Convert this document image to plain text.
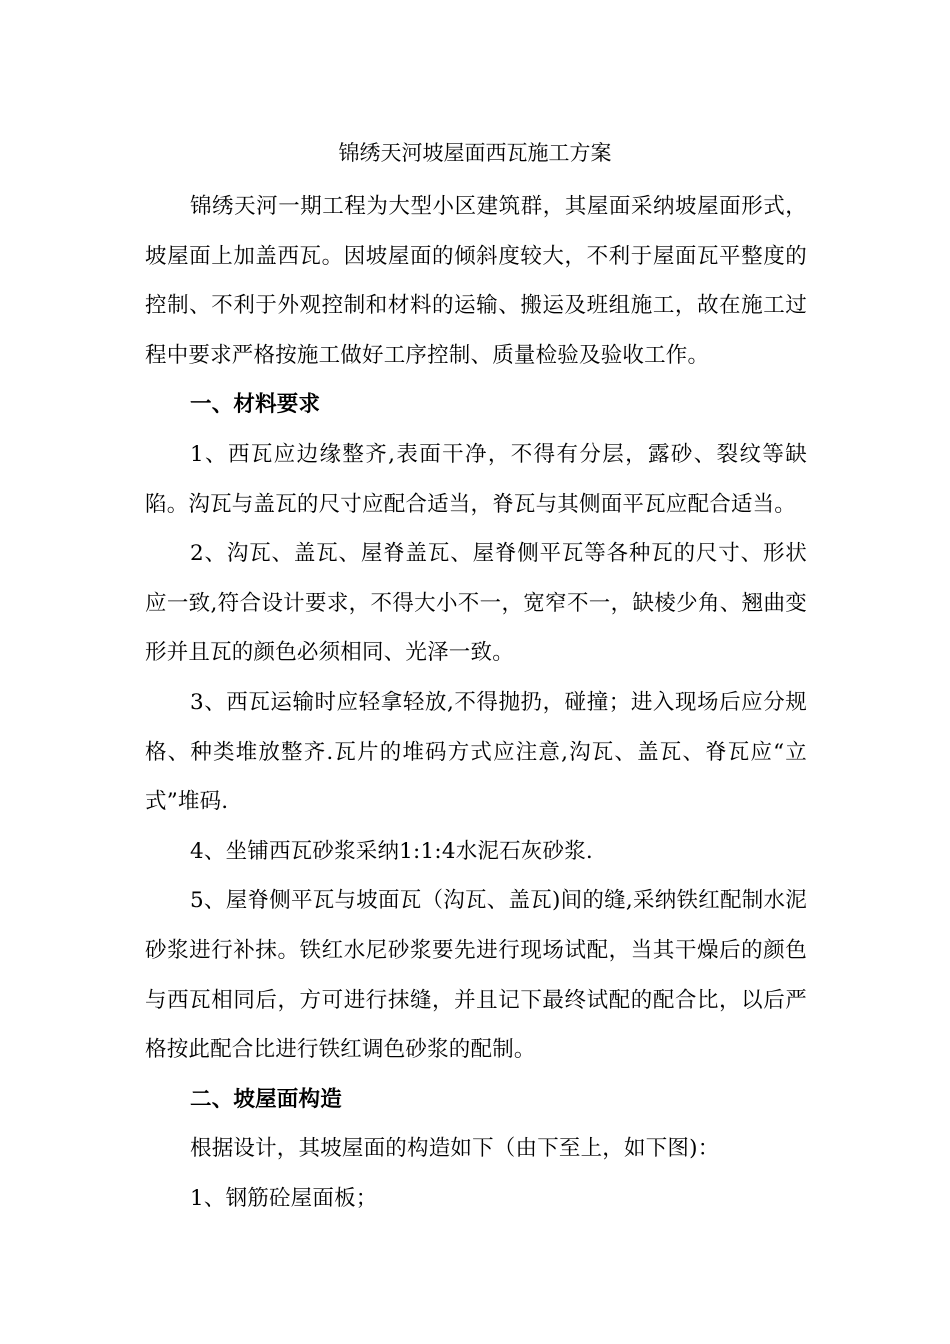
锦绣天河坡屋面西瓦施工方案

锦绣天河一期工程为大型小区建筑群，其屋面采纳坡屋面形式，坡屋面上加盖西瓦。因坡屋面的倾斜度较大，不利于屋面瓦平整度的控制、不利于外观控制和材料的运输、搬运及班组施工，故在施工过程中要求严格按施工做好工序控制、质量检验及验收工作。

一、材料要求

1、西瓦应边缘整齐,表面干净，不得有分层，露砂、裂纹等缺陷。沟瓦与盖瓦的尺寸应配合适当，脊瓦与其侧面平瓦应配合适当。

2、沟瓦、盖瓦、屋脊盖瓦、屋脊侧平瓦等各种瓦的尺寸、形状应一致,符合设计要求，不得大小不一，宽窄不一，缺棱少角、翘曲变形并且瓦的颜色必须相同、光泽一致。

3、西瓦运输时应轻拿轻放,不得抛扔，碰撞；进入现场后应分规格、种类堆放整齐.瓦片的堆码方式应注意,沟瓦、盖瓦、脊瓦应“立式”堆码.

4、坐铺西瓦砂浆采纳1:1:4水泥石灰砂浆.

5、屋脊侧平瓦与坡面瓦（沟瓦、盖瓦)间的缝,采纳铁红配制水泥砂浆进行补抹。铁红水尼砂浆要先进行现场试配，当其干燥后的颜色与西瓦相同后，方可进行抹缝，并且记下最终试配的配合比，以后严格按此配合比进行铁红调色砂浆的配制。

二、坡屋面构造

根据设计，其坡屋面的构造如下（由下至上，如下图)：

1、钢筋砼屋面板；
